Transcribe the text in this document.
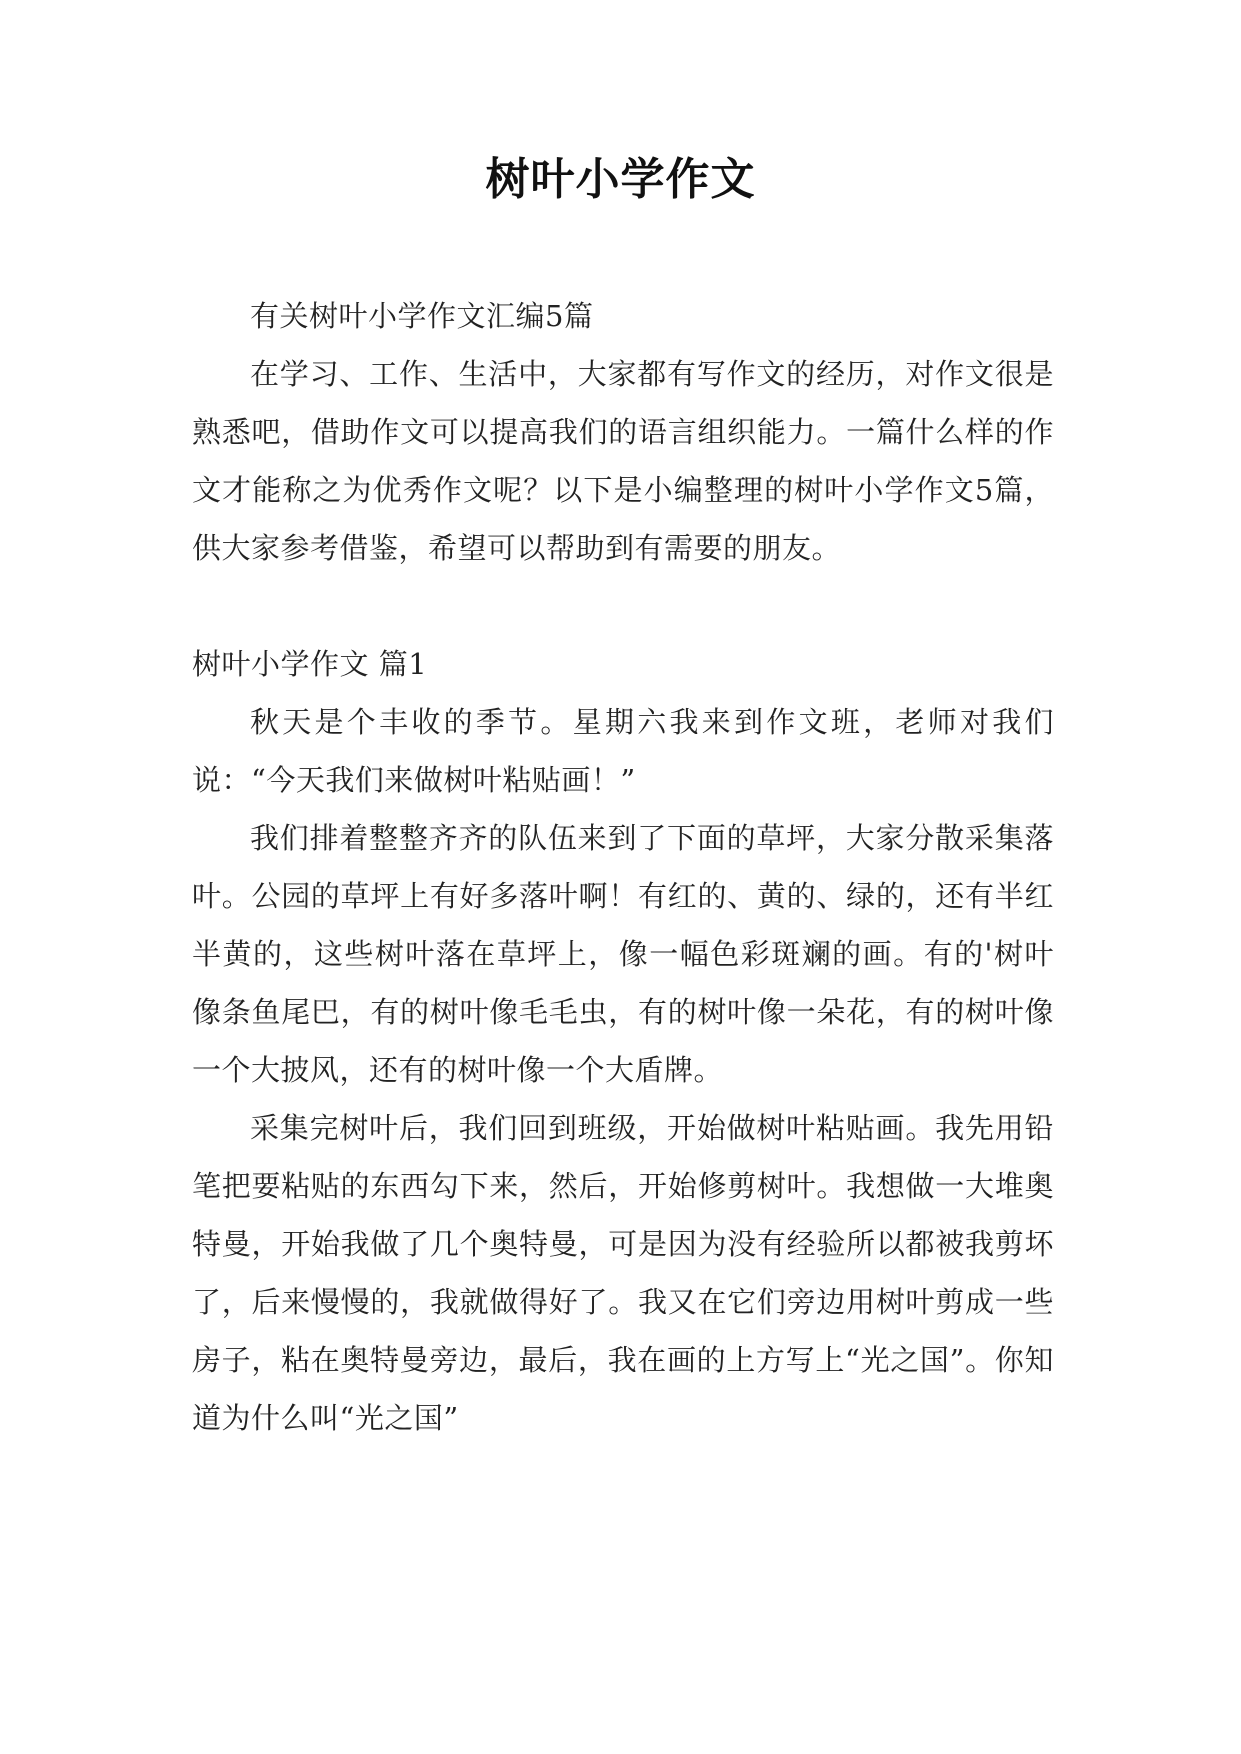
树叶小学作文

有关树叶小学作文汇编5篇

在学习、工作、生活中，大家都有写作文的经历，对作文很是熟悉吧，借助作文可以提高我们的语言组织能力。一篇什么样的作文才能称之为优秀作文呢？以下是小编整理的树叶小学作文5篇，供大家参考借鉴，希望可以帮助到有需要的朋友。

树叶小学作文 篇1

秋天是个丰收的季节。星期六我来到作文班，老师对我们说：“今天我们来做树叶粘贴画！”

我们排着整整齐齐的队伍来到了下面的草坪，大家分散采集落叶。公园的草坪上有好多落叶啊！有红的、黄的、绿的，还有半红半黄的，这些树叶落在草坪上，像一幅色彩斑斓的画。有的'树叶像条鱼尾巴，有的树叶像毛毛虫，有的树叶像一朵花，有的树叶像一个大披风，还有的树叶像一个大盾牌。

采集完树叶后，我们回到班级，开始做树叶粘贴画。我先用铅笔把要粘贴的东西勾下来，然后，开始修剪树叶。我想做一大堆奥特曼，开始我做了几个奥特曼，可是因为没有经验所以都被我剪坏了，后来慢慢的，我就做得好了。我又在它们旁边用树叶剪成一些房子，粘在奥特曼旁边，最后，我在画的上方写上“光之国”。你知道为什么叫“光之国”
